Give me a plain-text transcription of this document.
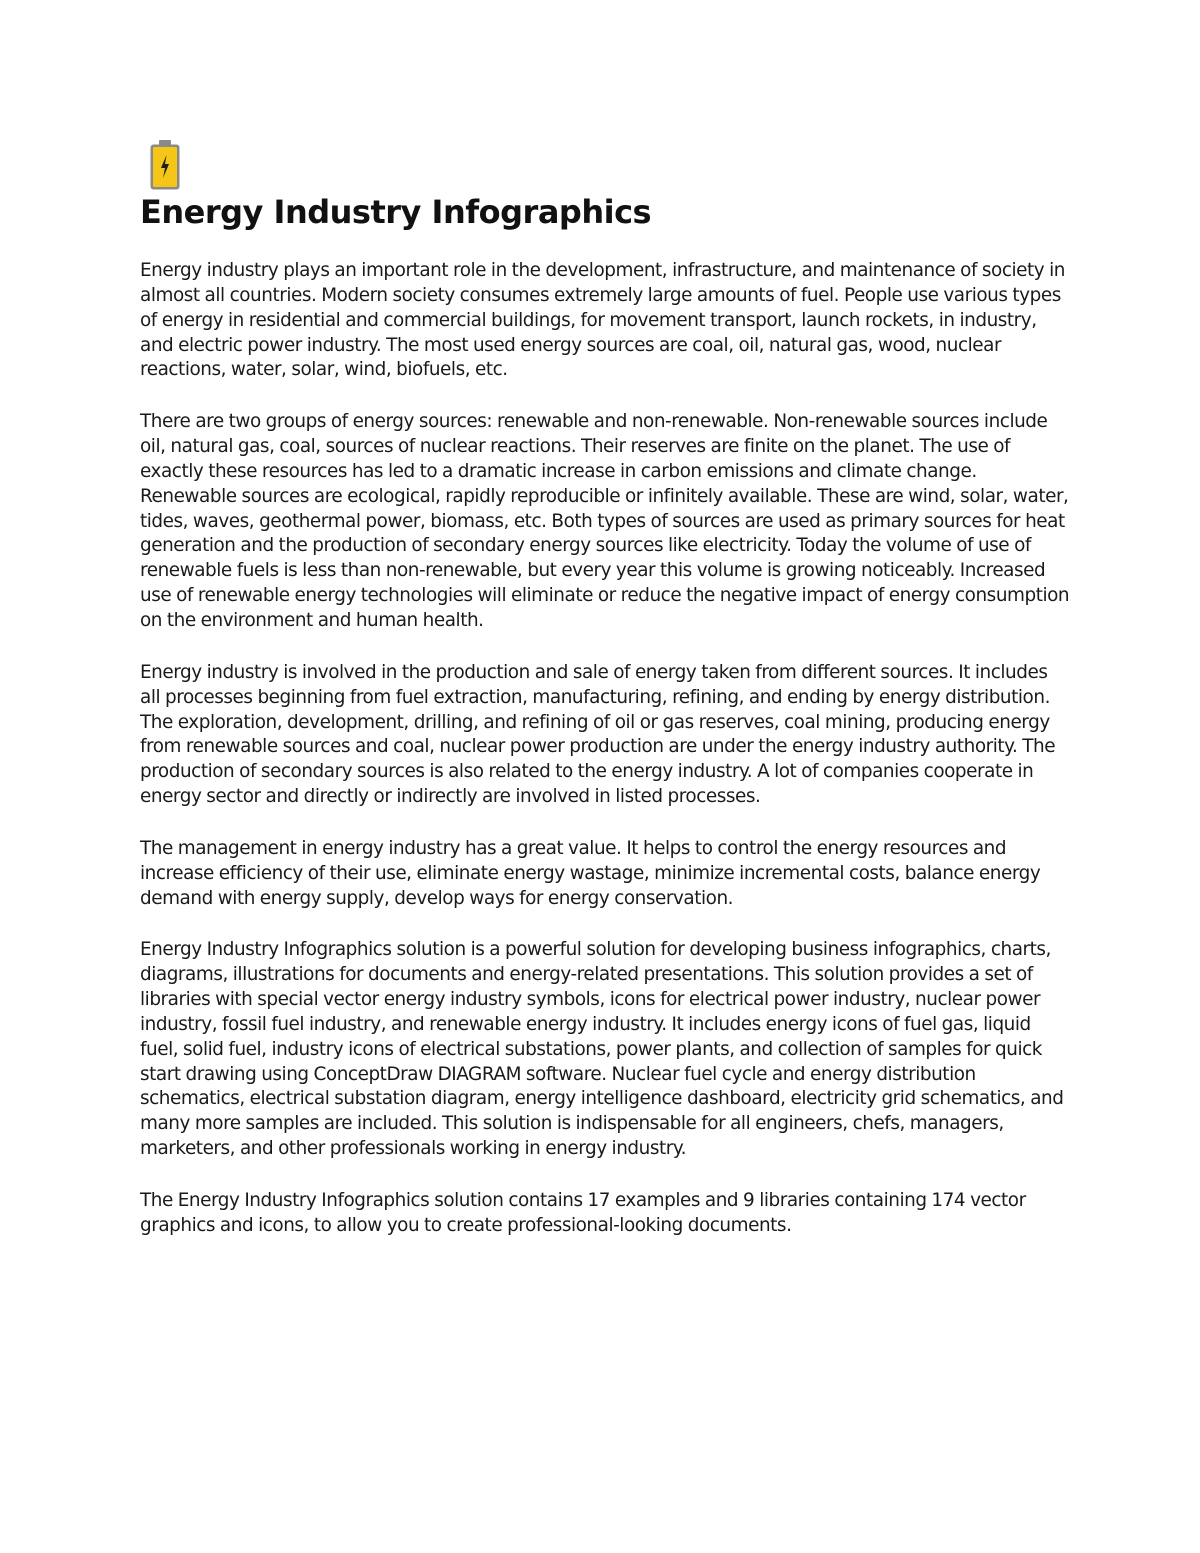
Energy Industry Infographics

Energy industry plays an important role in the development, infrastructure, and maintenance of society in almost all countries. Modern society consumes extremely large amounts of fuel. People use various types of energy in residential and commercial buildings, for movement transport, launch rockets, in industry, and electric power industry. The most used energy sources are coal, oil, natural gas, wood, nuclear reactions, water, solar, wind, biofuels, etc.

There are two groups of energy sources: renewable and non-renewable. Non-renewable sources include oil, natural gas, coal, sources of nuclear reactions. Their reserves are finite on the planet. The use of exactly these resources has led to a dramatic increase in carbon emissions and climate change. Renewable sources are ecological, rapidly reproducible or infinitely available. These are wind, solar, water, tides, waves, geothermal power, biomass, etc. Both types of sources are used as primary sources for heat generation and the production of secondary energy sources like electricity. Today the volume of use of renewable fuels is less than non-renewable, but every year this volume is growing noticeably. Increased use of renewable energy technologies will eliminate or reduce the negative impact of energy consumption on the environment and human health.

Energy industry is involved in the production and sale of energy taken from different sources. It includes all processes beginning from fuel extraction, manufacturing, refining, and ending by energy distribution. The exploration, development, drilling, and refining of oil or gas reserves, coal mining, producing energy from renewable sources and coal, nuclear power production are under the energy industry authority. The production of secondary sources is also related to the energy industry. A lot of companies cooperate in energy sector and directly or indirectly are involved in listed processes.

The management in energy industry has a great value. It helps to control the energy resources and increase efficiency of their use, eliminate energy wastage, minimize incremental costs, balance energy demand with energy supply, develop ways for energy conservation.

Energy Industry Infographics solution is a powerful solution for developing business infographics, charts, diagrams, illustrations for documents and energy-related presentations. This solution provides a set of libraries with special vector energy industry symbols, icons for electrical power industry, nuclear power industry, fossil fuel industry, and renewable energy industry. It includes energy icons of fuel gas, liquid fuel, solid fuel, industry icons of electrical substations, power plants, and collection of samples for quick start drawing using ConceptDraw DIAGRAM software. Nuclear fuel cycle and energy distribution schematics, electrical substation diagram, energy intelligence dashboard, electricity grid schematics, and many more samples are included. This solution is indispensable for all engineers, chefs, managers, marketers, and other professionals working in energy industry.

The Energy Industry Infographics solution contains 17 examples and 9 libraries containing 174 vector graphics and icons, to allow you to create professional-looking documents.
